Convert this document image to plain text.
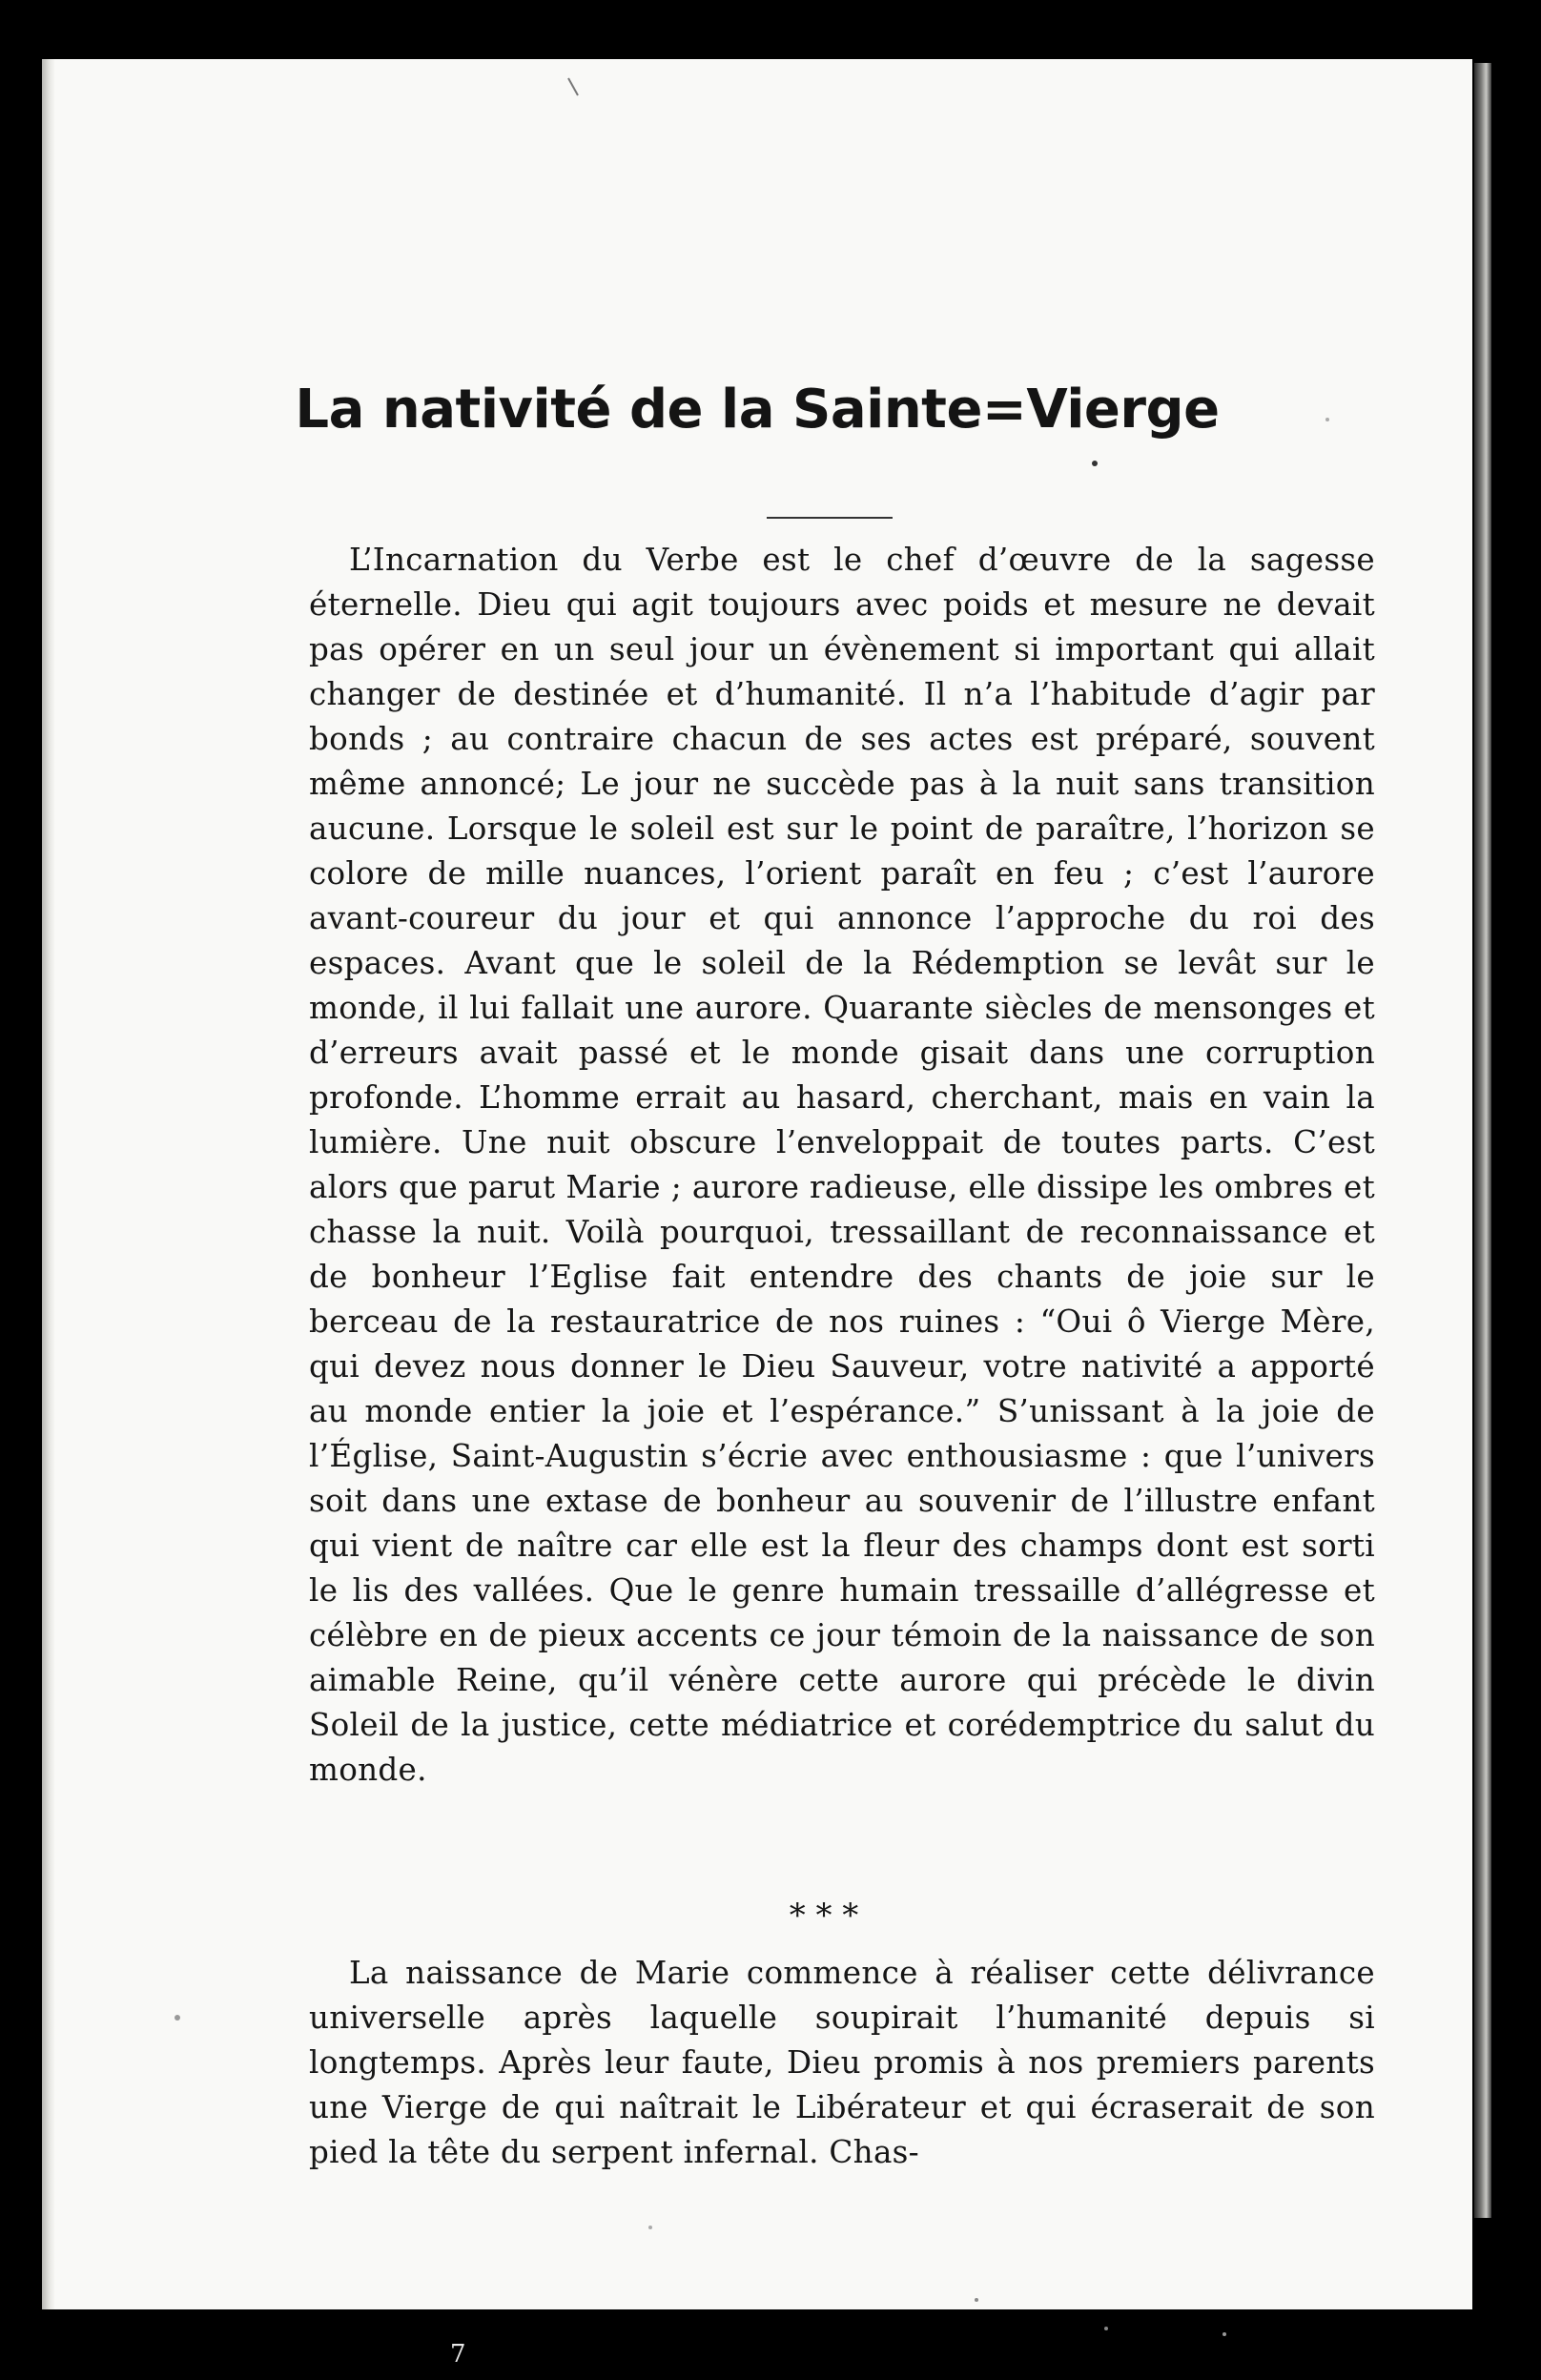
La nativité de la Sainte=Vierge

L’Incarnation du Verbe est le chef d’œuvre de la sagesse éternelle. Dieu qui agit toujours avec poids et mesure ne devait pas opérer en un seul jour un évènement si important qui allait changer de destinée et d’humanité. Il n’a l’habitude d’agir par bonds ; au contraire chacun de ses actes est préparé, souvent même annoncé; Le jour ne succède pas à la nuit sans transition aucune. Lorsque le soleil est sur le point de paraître, l’horizon se colore de mille nuances, l’orient paraît en feu ; c’est l’aurore avant-coureur du jour et qui annonce l’approche du roi des espaces. Avant que le soleil de la Rédemption se levât sur le monde, il lui fallait une aurore. Quarante siècles de mensonges et d’erreurs avait passé et le monde gisait dans une corruption profonde. L’homme errait au hasard, cherchant, mais en vain la lumière. Une nuit obscure l’enveloppait de toutes parts. C’est alors que parut Marie ; aurore radieuse, elle dissipe les ombres et chasse la nuit. Voilà pourquoi, tressaillant de reconnaissance et de bonheur l’Eglise fait entendre des chants de joie sur le berceau de la restauratrice de nos ruines : “Oui ô Vierge Mère, qui devez nous donner le Dieu Sauveur, votre nativité a apporté au monde entier la joie et l’espérance.” S’unissant à la joie de l’Église, Saint-Augustin s’écrie avec enthousiasme : que l’univers soit dans une extase de bonheur au souvenir de l’illustre enfant qui vient de naître car elle est la fleur des champs dont est sorti le lis des vallées. Que le genre humain tressaille d’allégresse et célèbre en de pieux accents ce jour témoin de la naissance de son aimable Reine, qu’il vénère cette aurore qui précède le divin Soleil de la justice, cette médiatrice et corédemptrice du salut du monde.

* * *

La naissance de Marie commence à réaliser cette délivrance universelle après laquelle soupirait l’humanité depuis si longtemps. Après leur faute, Dieu promis à nos premiers parents une Vierge de qui naîtrait le Libérateur et qui écraserait de son pied la tête du serpent infernal. Chas-

7
